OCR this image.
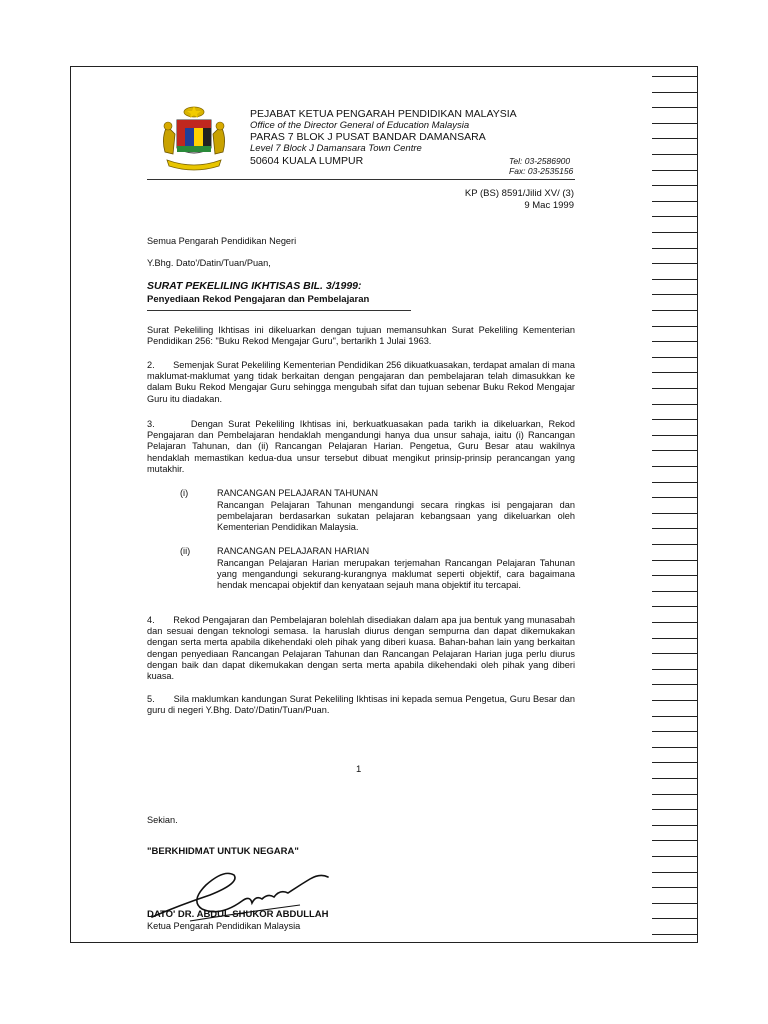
PEJABAT KETUA PENGARAH PENDIDIKAN MALAYSIA
Office of the Director General of Education Malaysia
PARAS 7 BLOK J PUSAT BANDAR DAMANSARA
Level 7 Block J Damansara Town Centre
50604 KUALA LUMPUR	Tel: 03-2586900
Fax: 03-2535156
KP (BS) 8591/Jilid XV/ (3)
9 Mac 1999
Semua Pengarah Pendidikan Negeri
Y.Bhg. Dato'/Datin/Tuan/Puan,
SURAT PEKELILING IKHTISAS BIL. 3/1999:
Penyediaan Rekod Pengajaran dan Pembelajaran
Surat Pekeliling Ikhtisas ini dikeluarkan dengan tujuan memansuhkan Surat Pekeliling Kementerian Pendidikan 256: "Buku Rekod Mengajar Guru", bertarikh 1 Julai 1963.
2.       Semenjak Surat Pekeliling Kementerian Pendidikan 256 dikuatkuasakan, terdapat amalan di mana maklumat-maklumat yang tidak berkaitan dengan pengajaran dan pembelajaran telah dimasukkan ke dalam Buku Rekod Mengajar Guru sehingga mengubah sifat dan tujuan sebenar Buku Rekod Mengajar Guru itu diadakan.
3.       Dengan Surat Pekeliling Ikhtisas ini, berkuatkuasakan pada tarikh ia dikeluarkan, Rekod Pengajaran dan Pembelajaran hendaklah mengandungi hanya dua unsur sahaja, iaitu (i) Rancangan Pelajaran Tahunan, dan (ii) Rancangan Pelajaran Harian. Pengetua, Guru Besar atau wakilnya hendaklah memastikan kedua-dua unsur tersebut dibuat mengikut prinsip-prinsip perancangan yang mutakhir.
(i)	RANCANGAN PELAJARAN TAHUNAN
Rancangan Pelajaran Tahunan mengandungi secara ringkas isi pengajaran dan pembelajaran berdasarkan sukatan pelajaran kebangsaan yang dikeluarkan oleh Kementerian Pendidikan Malaysia.
(ii)	RANCANGAN PELAJARAN HARIAN
Rancangan Pelajaran Harian merupakan terjemahan Rancangan Pelajaran Tahunan yang mengandungi sekurang-kurangnya maklumat seperti objektif, cara bagaimana hendak mencapai objektif dan kenyataan sejauh mana objektif itu tercapai.
4.       Rekod Pengajaran dan Pembelajaran bolehlah disediakan dalam apa jua bentuk yang munasabah dan sesuai dengan teknologi semasa. Ia haruslah diurus dengan sempurna dan dapat dikemukakan dengan serta merta apabila dikehendaki oleh pihak yang diberi kuasa. Bahan-bahan lain yang berkaitan dengan penyediaan Rancangan Pelajaran Tahunan dan Rancangan Pelajaran Harian juga perlu diurus dengan baik dan dapat dikemukakan dengan serta merta apabila dikehendaki oleh pihak yang diberi kuasa.
5.       Sila maklumkan kandungan Surat Pekeliling Ikhtisas ini kepada semua Pengetua, Guru Besar dan guru di negeri Y.Bhg. Dato'/Datin/Tuan/Puan.
1
Sekian.
"BERKHIDMAT UNTUK NEGARA"
DATO' DR. ABDUL SHUKOR ABDULLAH
Ketua Pengarah Pendidikan Malaysia
